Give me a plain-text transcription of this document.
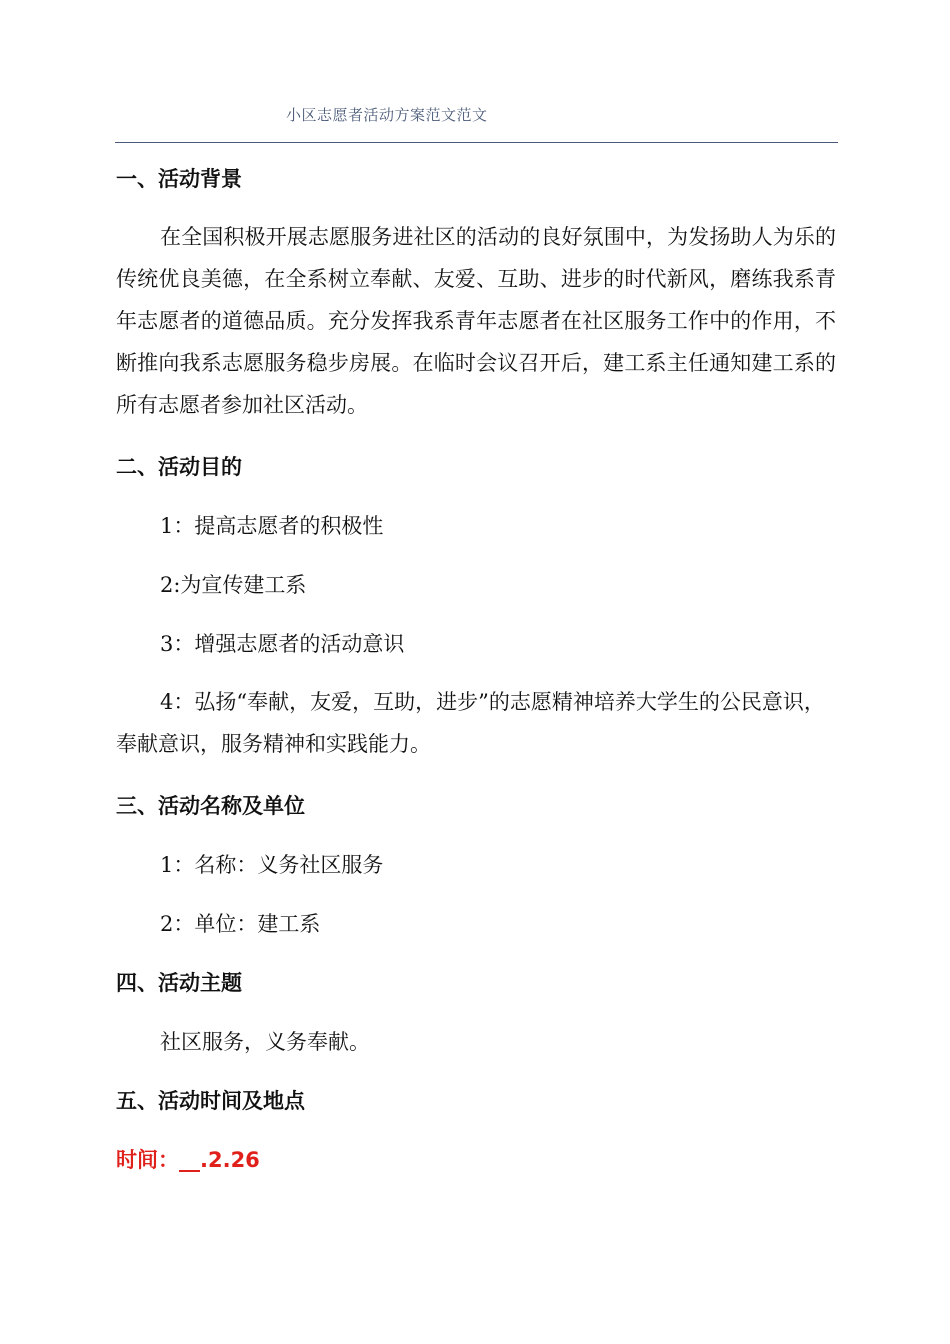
小区志愿者活动方案范文范文
一、活动背景

在全国积极开展志愿服务进社区的活动的良好氛围中，为发扬助人为乐的传统优良美德，在全系树立奉献、友爱、互助、进步的时代新风，磨练我系青年志愿者的道德品质。充分发挥我系青年志愿者在社区服务工作中的作用，不断推向我系志愿服务稳步房展。在临时会议召开后，建工系主任通知建工系的所有志愿者参加社区活动。

二、活动目的

1：提高志愿者的积极性

2:为宣传建工系

3：增强志愿者的活动意识

4：弘扬“奉献，友爱，互助，进步”的志愿精神培养大学生的公民意识，奉献意识，服务精神和实践能力。

三、活动名称及单位

1：名称：义务社区服务

2：单位：建工系

四、活动主题

社区服务，义务奉献。

五、活动时间及地点

时间：__.2.26
